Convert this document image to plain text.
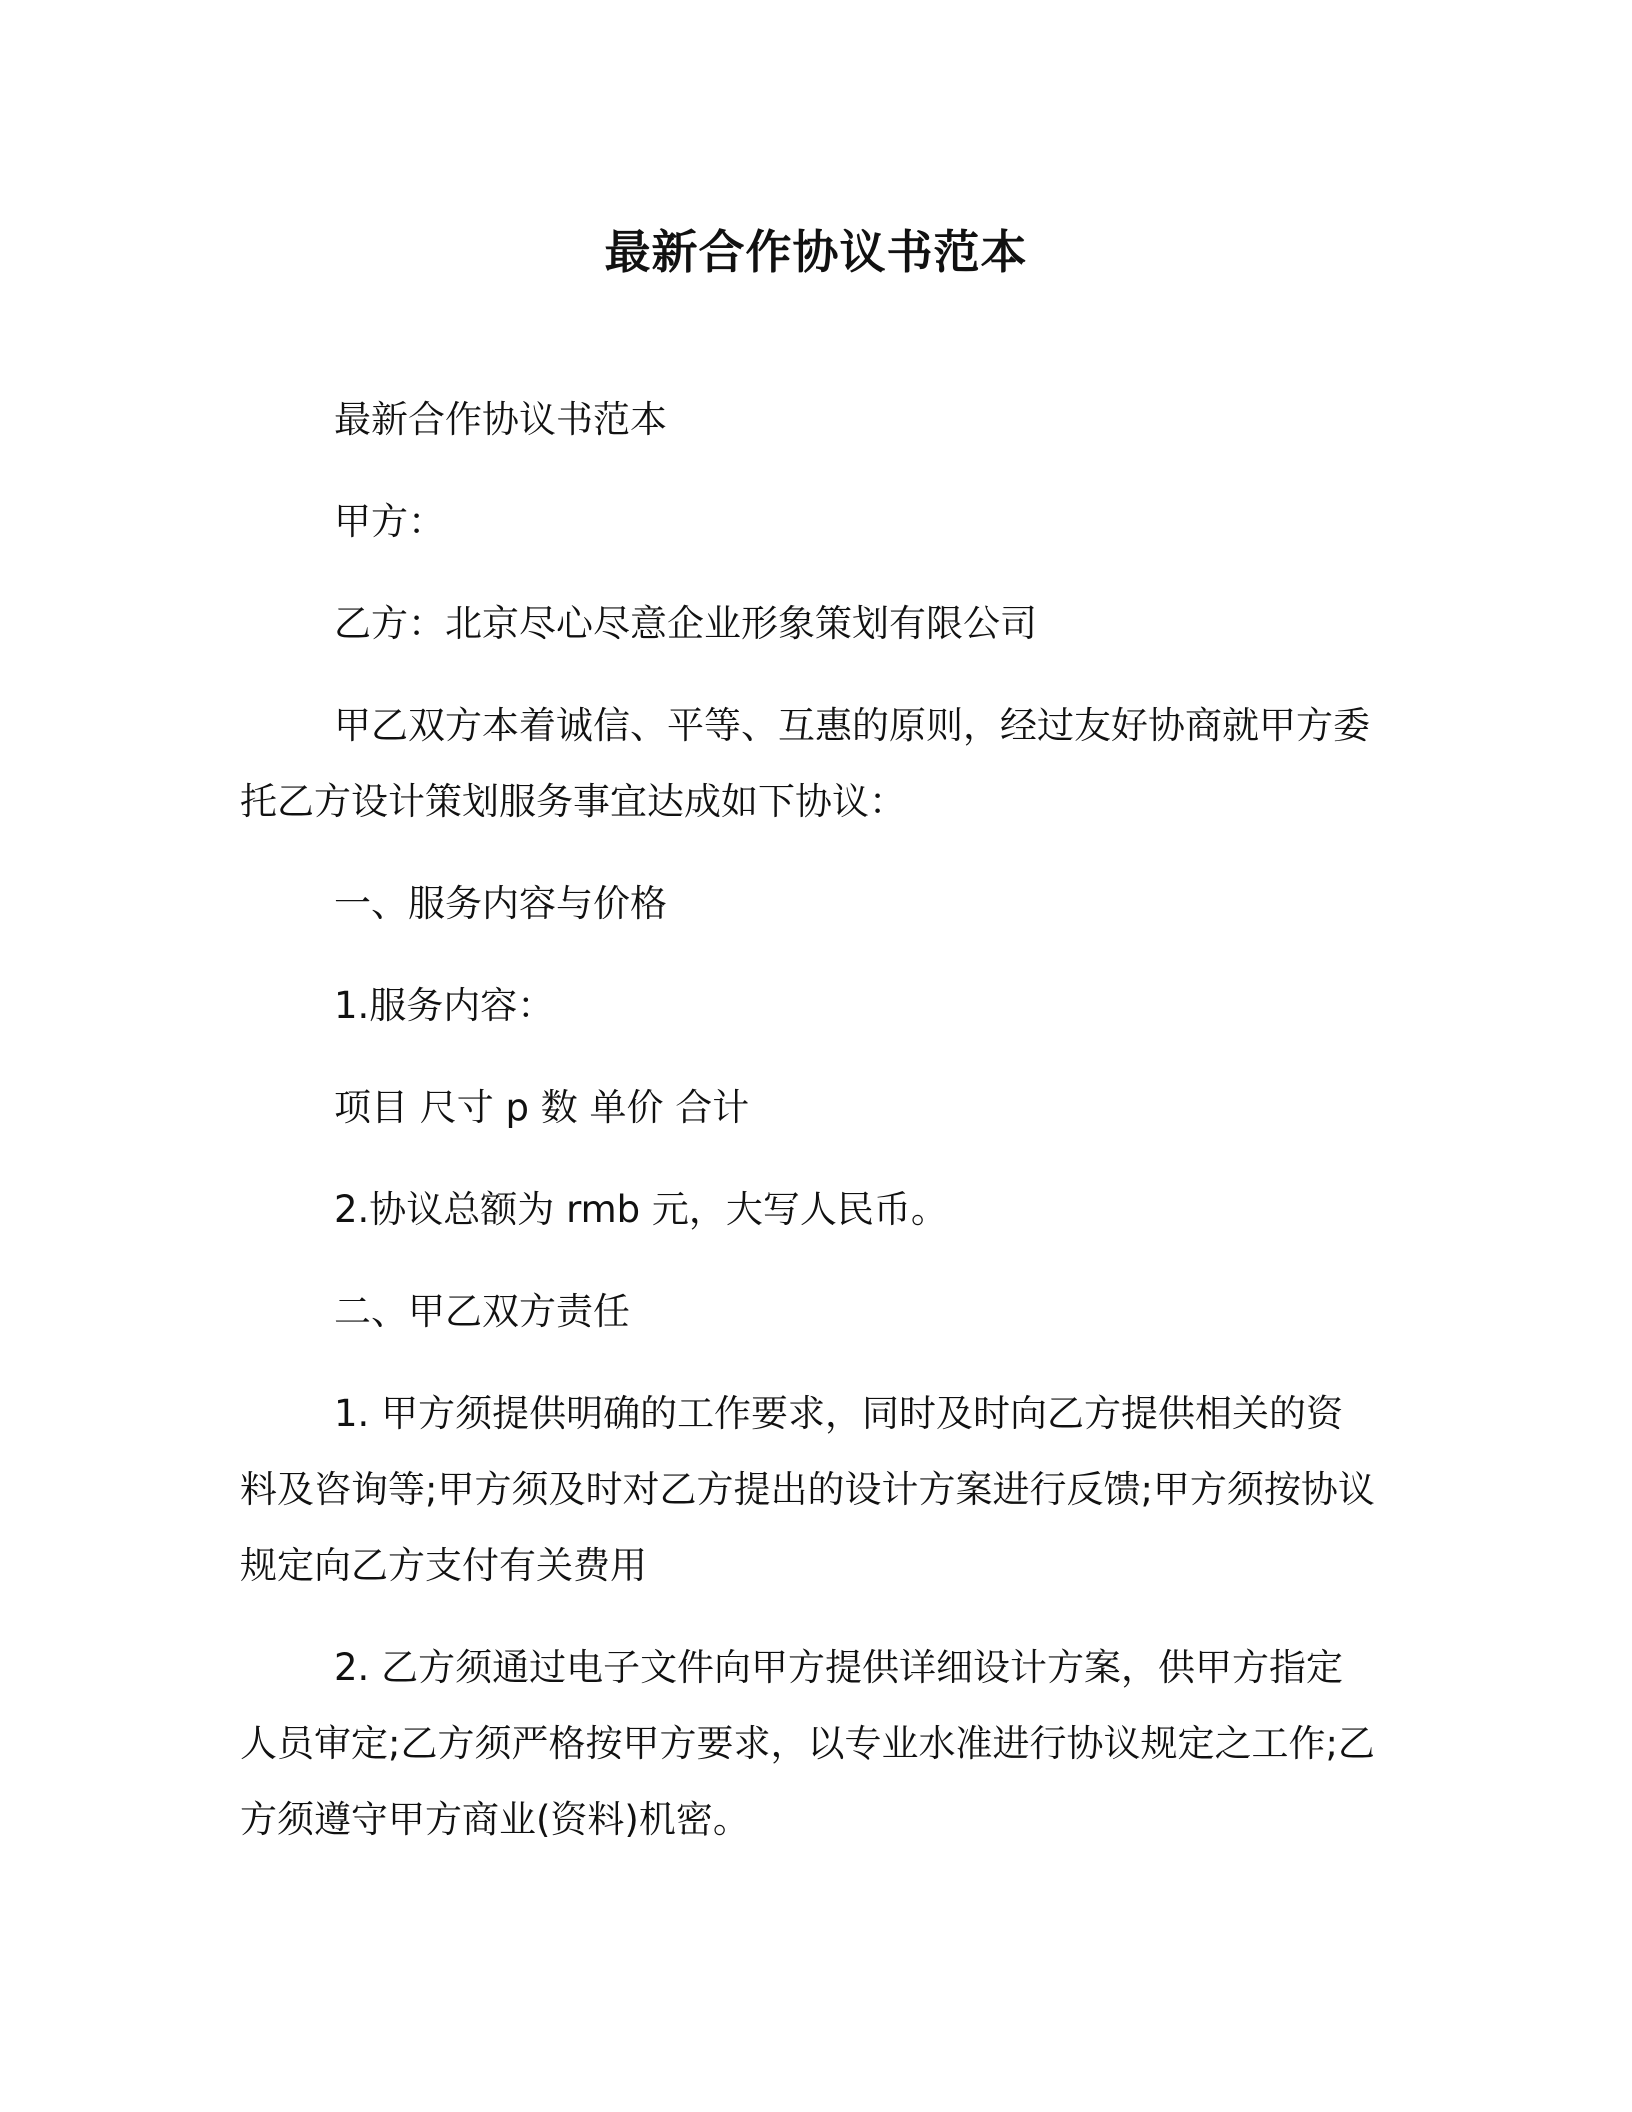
最新合作协议书范本

最新合作协议书范本

甲方：

乙方：北京尽心尽意企业形象策划有限公司

甲乙双方本着诚信、平等、互惠的原则，经过友好协商就甲方委托乙方设计策划服务事宜达成如下协议：

一、服务内容与价格

1.服务内容：

项目 尺寸 p 数 单价 合计

2.协议总额为 rmb 元，大写人民币。

二、甲乙双方责任

1. 甲方须提供明确的工作要求，同时及时向乙方提供相关的资料及咨询等;甲方须及时对乙方提出的设计方案进行反馈;甲方须按协议规定向乙方支付有关费用

2. 乙方须通过电子文件向甲方提供详细设计方案，供甲方指定人员审定;乙方须严格按甲方要求，以专业水准进行协议规定之工作;乙方须遵守甲方商业(资料)机密。
